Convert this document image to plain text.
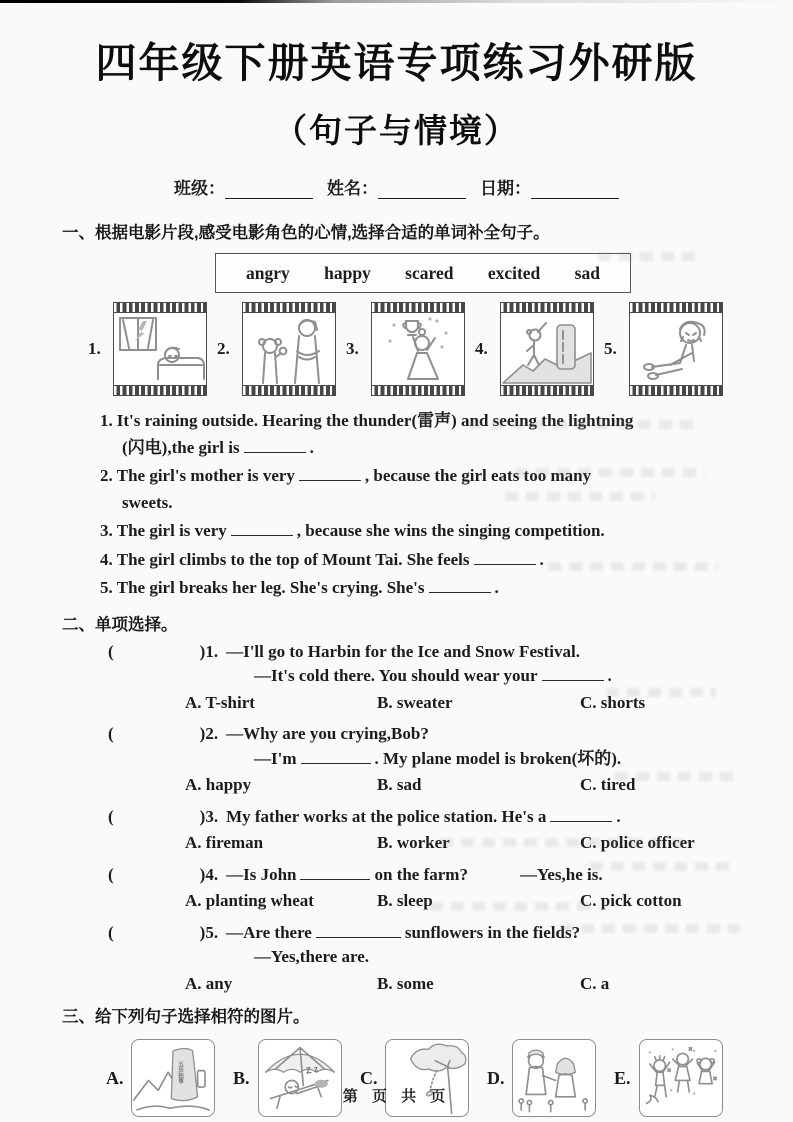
四年级下册英语专项练习外研版
（句子与情境）
班级：	姓名：	日期：
一、根据电影片段,感受电影角色的心情,选择合适的单词补全句子。
angry happy scared excited sad
1.	2.	3.	4.	5.
1. It's raining outside. Hearing the thunder(雷声) and seeing the lightning
(闪电),the girl is	.
2. The girl's mother is very	, because the girl eats too many
sweets.
3. The girl is very	, because she wins the singing competition.
4. The girl climbs to the top of Mount Tai. She feels	.
5. The girl breaks her leg. She's crying. She's	.
二、单项选择。
(	)1. —I'll go to Harbin for the Ice and Snow Festival.
—It's cold there. You should wear your	.
A. T-shirt	B. sweater	C. shorts
(	)2. —Why are you crying,Bob?
—I'm	. My plane model is broken(坏的).
A. happy	B. sad	C. tired
(	)3. My father works at the police station. He's a	.
A. fireman	B. worker	C. police officer
(	)4. —Is John	on the farm?	—Yes,he is.
A. planting wheat	B. sleep	C. pick cotton
(	)5. —Are there	sunflowers in the fields?
—Yes,there are.
A. any	B. some	C. a
三、给下列句子选择相符的图片。
A.	五岳独尊	B.	Z z C.	D.	E.
第 页 共 页
